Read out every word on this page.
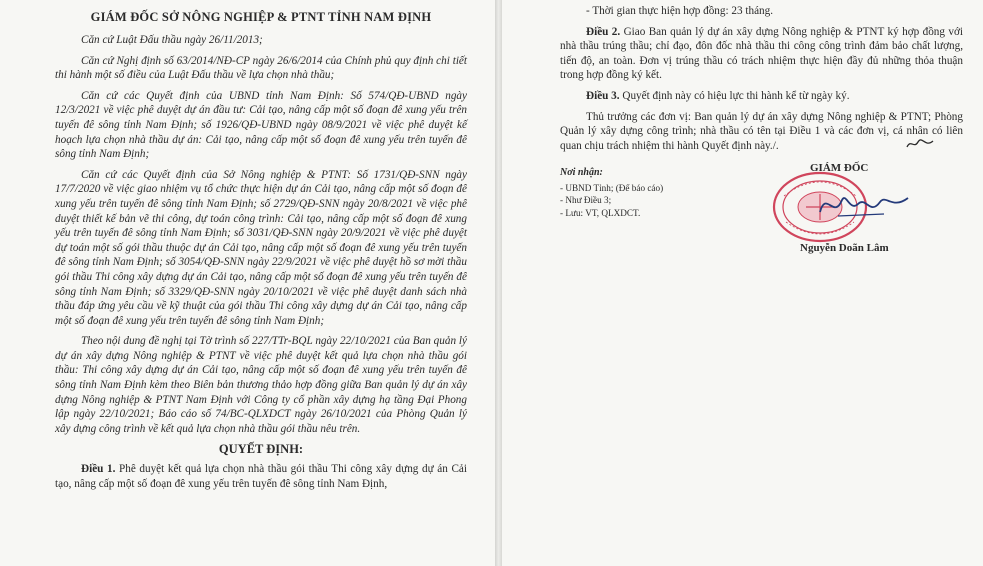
GIÁM ĐỐC SỞ NÔNG NGHIỆP & PTNT TỈNH NAM ĐỊNH

Căn cứ Luật Đấu thầu ngày 26/11/2013;

Căn cứ Nghị định số 63/2014/NĐ-CP ngày 26/6/2014 của Chính phủ quy định chi tiết thi hành một số điều của Luật Đấu thầu về lựa chọn nhà thầu;

Căn cứ các Quyết định của UBND tỉnh Nam Định: Số 574/QĐ-UBND ngày 12/3/2021 về việc phê duyệt dự án đầu tư: Cải tạo, nâng cấp một số đoạn đê xung yếu trên tuyến đê sông tỉnh Nam Định; số 1926/QĐ-UBND ngày 08/9/2021 về việc phê duyệt kế hoạch lựa chọn nhà thầu dự án: Cải tạo, nâng cấp một số đoạn đê xung yếu trên tuyến đê sông tỉnh Nam Định;

Căn cứ các Quyết định của Sở Nông nghiệp & PTNT: Số 1731/QĐ-SNN ngày 17/7/2020 về việc giao nhiệm vụ tổ chức thực hiện dự án Cải tạo, nâng cấp một số đoạn đê xung yếu trên tuyến đê sông tỉnh Nam Định; số 2729/QĐ-SNN ngày 20/8/2021 về việc phê duyệt thiết kế bản vẽ thi công, dự toán công trình: Cải tạo, nâng cấp một số đoạn đê xung yếu trên tuyến đê sông tỉnh Nam Định; số 3031/QĐ-SNN ngày 20/9/2021 về việc phê duyệt dự toán một số gói thầu thuộc dự án Cải tạo, nâng cấp một số đoạn đê xung yếu trên tuyến đê sông tỉnh Nam Định; số 3054/QĐ-SNN ngày 22/9/2021 về việc phê duyệt hồ sơ mời thầu gói thầu Thi công xây dựng dự án Cải tạo, nâng cấp một số đoạn đê xung yếu trên tuyến đê sông tỉnh Nam Định; số 3329/QĐ-SNN ngày 20/10/2021 về việc phê duyệt danh sách nhà thầu đáp ứng yêu cầu về kỹ thuật của gói thầu Thi công xây dựng dự án Cải tạo, nâng cấp một số đoạn đê xung yếu trên tuyến đê sông tỉnh Nam Định;

Theo nội dung đề nghị tại Tờ trình số 227/TTr-BQL ngày 22/10/2021 của Ban quản lý dự án xây dựng Nông nghiệp & PTNT về việc phê duyệt kết quả lựa chọn nhà thầu gói thầu: Thi công xây dựng dự án Cải tạo, nâng cấp một số đoạn đê xung yếu trên tuyến đê sông tỉnh Nam Định kèm theo Biên bản thương thảo hợp đồng giữa Ban quản lý dự án xây dựng Nông nghiệp & PTNT Nam Định với Công ty cổ phần xây dựng hạ tầng Đại Phong lập ngày 22/10/2021; Báo cáo số 74/BC-QLXDCT ngày 26/10/2021 của Phòng Quản lý xây dựng công trình về kết quả lựa chọn nhà thầu gói thầu nêu trên.

QUYẾT ĐỊNH:

Điều 1. Phê duyệt kết quả lựa chọn nhà thầu gói thầu Thi công xây dựng dự án Cải tạo, nâng cấp một số đoạn đê xung yếu trên tuyến đê sông tỉnh Nam Định,

- Thời gian thực hiện hợp đồng: 23 tháng.

Điều 2. Giao Ban quản lý dự án xây dựng Nông nghiệp & PTNT ký hợp đồng với nhà thầu trúng thầu; chỉ đạo, đôn đốc nhà thầu thi công công trình đảm bảo chất lượng, tiến độ, an toàn. Đơn vị trúng thầu có trách nhiệm thực hiện đầy đủ những thỏa thuận trong hợp đồng ký kết.

Điều 3. Quyết định này có hiệu lực thi hành kể từ ngày ký.

Thủ trưởng các đơn vị: Ban quản lý dự án xây dựng Nông nghiệp & PTNT; Phòng Quản lý xây dựng công trình; nhà thầu có tên tại Điều 1 và các đơn vị, cá nhân có liên quan chịu trách nhiệm thi hành Quyết định này./.

Nơi nhận:
- UBND Tỉnh; (Để báo cáo)
- Như Điều 3;
- Lưu: VT, QLXDCT.
GIÁM ĐỐC
Nguyễn Doãn Lâm
